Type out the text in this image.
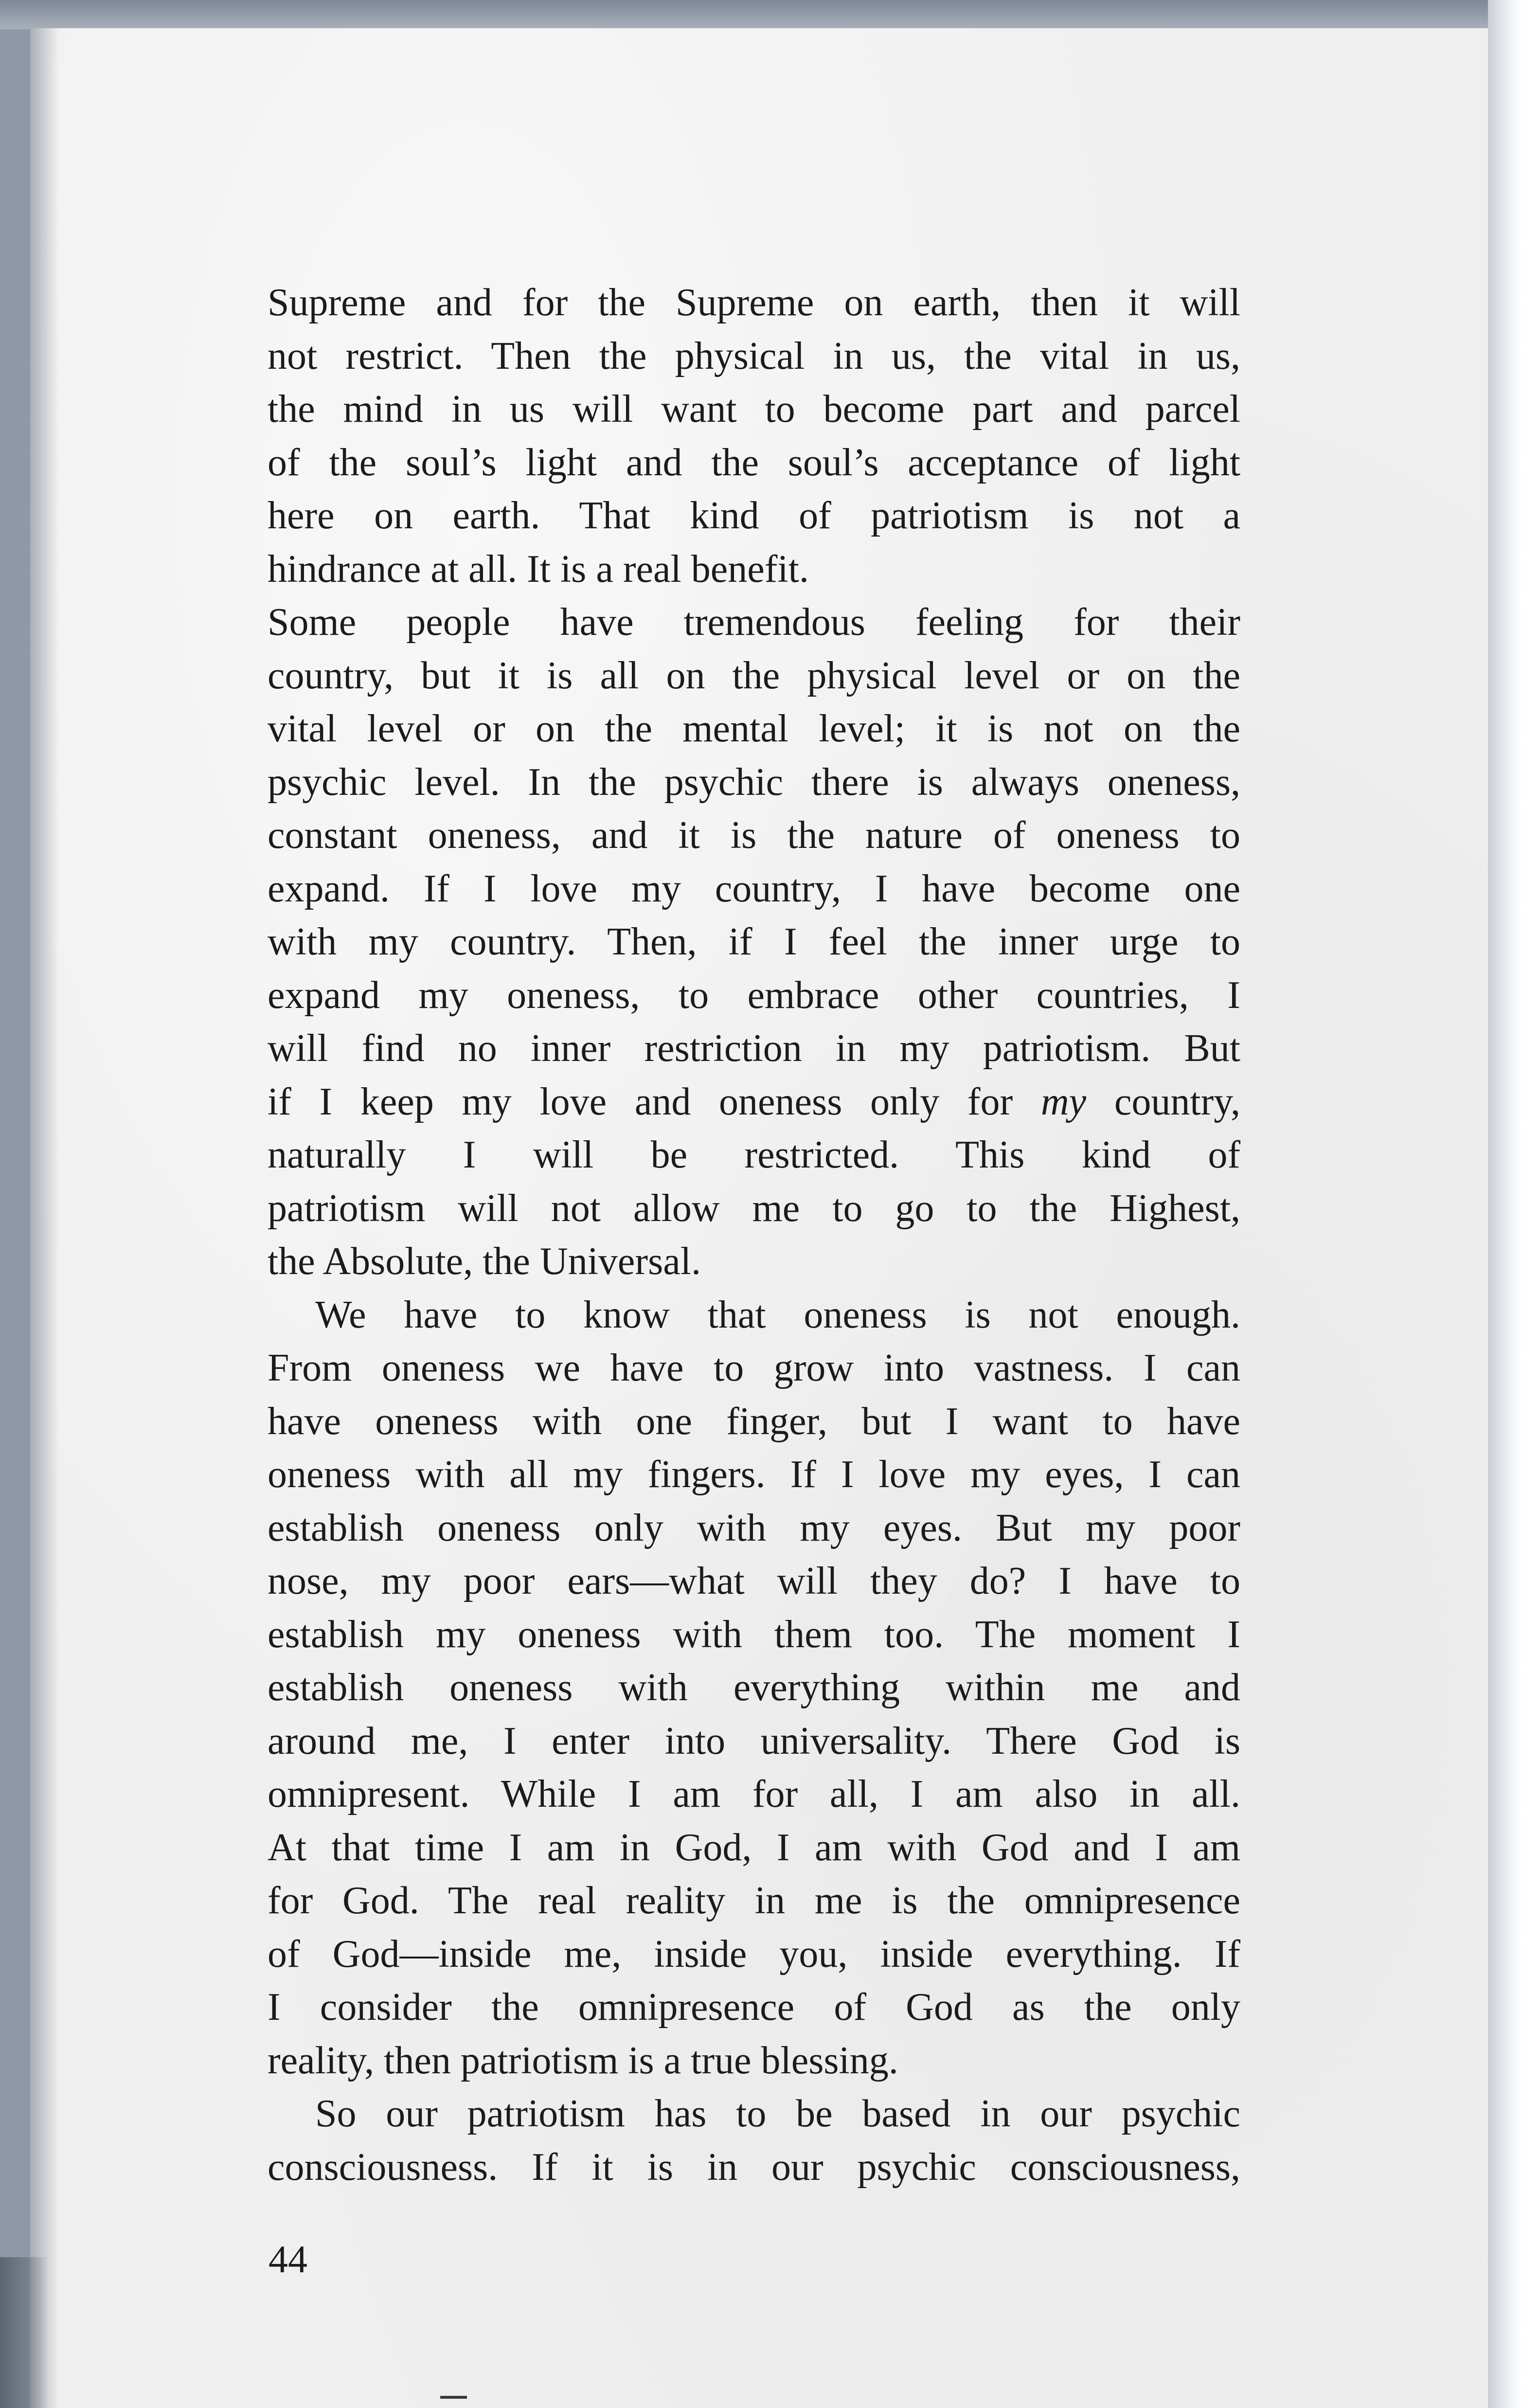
Supreme and for the Supreme on earth, then it will
not restrict. Then the physical in us, the vital in us,
the mind in us will want to become part and parcel
of the soul’s light and the soul’s acceptance of light
here on earth. That kind of patriotism is not a
hindrance at all. It is a real benefit.
Some people have tremendous feeling for their
country, but it is all on the physical level or on the
vital level or on the mental level; it is not on the
psychic level. In the psychic there is always oneness,
constant oneness, and it is the nature of oneness to
expand. If I love my country, I have become one
with my country. Then, if I feel the inner urge to
expand my oneness, to embrace other countries, I
will find no inner restriction in my patriotism. But
if I keep my love and oneness only for my country,
naturally I will be restricted. This kind of
patriotism will not allow me to go to the Highest,
the Absolute, the Universal.
We have to know that oneness is not enough.
From oneness we have to grow into vastness. I can
have oneness with one finger, but I want to have
oneness with all my fingers. If I love my eyes, I can
establish oneness only with my eyes. But my poor
nose, my poor ears—what will they do? I have to
establish my oneness with them too. The moment I
establish oneness with everything within me and
around me, I enter into universality. There God is
omnipresent. While I am for all, I am also in all.
At that time I am in God, I am with God and I am
for God. The real reality in me is the omnipresence
of God—inside me, inside you, inside everything. If
I consider the omnipresence of God as the only
reality, then patriotism is a true blessing.
So our patriotism has to be based in our psychic
consciousness. If it is in our psychic consciousness,
44
